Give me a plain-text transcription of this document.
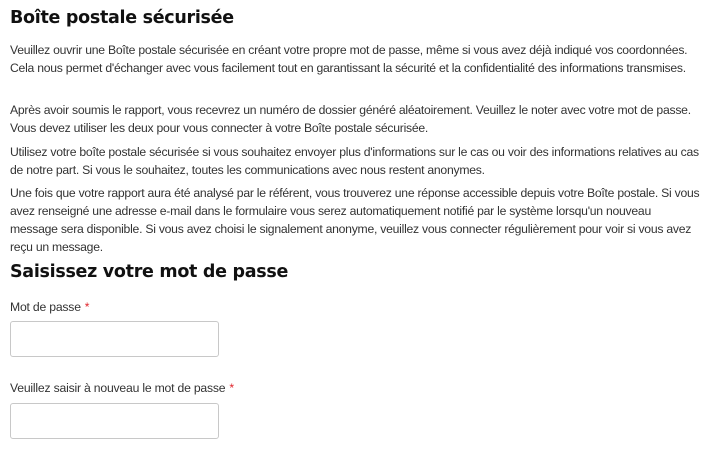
Boîte postale sécurisée

Veuillez ouvrir une Boîte postale sécurisée en créant votre propre mot de passe, même si vous avez déjà indiqué vos coordonnées. Cela nous permet d'échanger avec vous facilement tout en garantissant la sécurité et la confidentialité des informations transmises.

Après avoir soumis le rapport, vous recevrez un numéro de dossier généré aléatoirement. Veuillez le noter avec votre mot de passe. Vous devez utiliser les deux pour vous connecter à votre Boîte postale sécurisée.

Utilisez votre boîte postale sécurisée si vous souhaitez envoyer plus d'informations sur le cas ou voir des informations relatives au cas de notre part. Si vous le souhaitez, toutes les communications avec nous restent anonymes.

Une fois que votre rapport aura été analysé par le référent, vous trouverez une réponse accessible depuis votre Boîte postale. Si vous avez renseigné une adresse e-mail dans le formulaire vous serez automatiquement notifié par le système lorsqu'un nouveau message sera disponible. Si vous avez choisi le signalement anonyme, veuillez vous connecter régulièrement pour voir si vous avez reçu un message.

Saisissez votre mot de passe
Mot de passe *
Veuillez saisir à nouveau le mot de passe *
